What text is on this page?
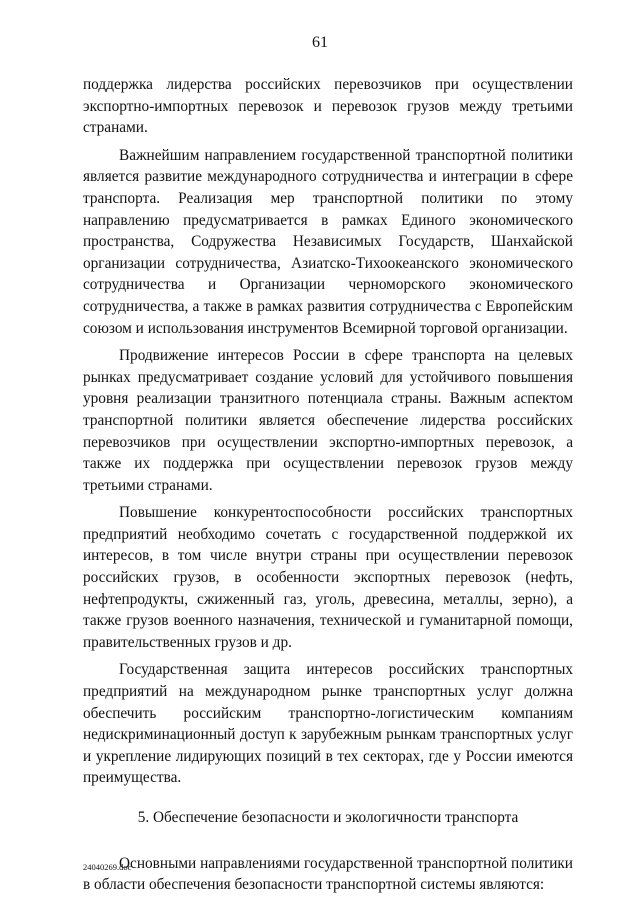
61

поддержка лидерства российских перевозчиков при осуществлении экспортно-импортных перевозок и перевозок грузов между третьими странами.

Важнейшим направлением государственной транспортной политики является развитие международного сотрудничества и интеграции в сфере транспорта. Реализация мер транспортной политики по этому направлению предусматривается в рамках Единого экономического пространства, Содружества Независимых Государств, Шанхайской организации сотрудничества, Азиатско-Тихоокеанского экономического сотрудничества и Организации черноморского экономического сотрудничества, а также в рамках развития сотрудничества с Европейским союзом и использования инструментов Всемирной торговой организации.

Продвижение интересов России в сфере транспорта на целевых рынках предусматривает создание условий для устойчивого повышения уровня реализации транзитного потенциала страны. Важным аспектом транспортной политики является обеспечение лидерства российских перевозчиков при осуществлении экспортно-импортных перевозок, а также их поддержка при осуществлении перевозок грузов между третьими странами.

Повышение конкурентоспособности российских транспортных предприятий необходимо сочетать с государственной поддержкой их интересов, в том числе внутри страны при осуществлении перевозок российских грузов, в особенности экспортных перевозок (нефть, нефтепродукты, сжиженный газ, уголь, древесина, металлы, зерно), а также грузов военного назначения, технической и гуманитарной помощи, правительственных грузов и др.

Государственная защита интересов российских транспортных предприятий на международном рынке транспортных услуг должна обеспечить российским транспортно-логистическим компаниям недискриминационный доступ к зарубежным рынкам транспортных услуг и укрепление лидирующих позиций в тех секторах, где у России имеются преимущества.

5. Обеспечение безопасности и экологичности транспорта

Основными направлениями государственной транспортной политики в области обеспечения безопасности транспортной системы являются:

24040269.doc
